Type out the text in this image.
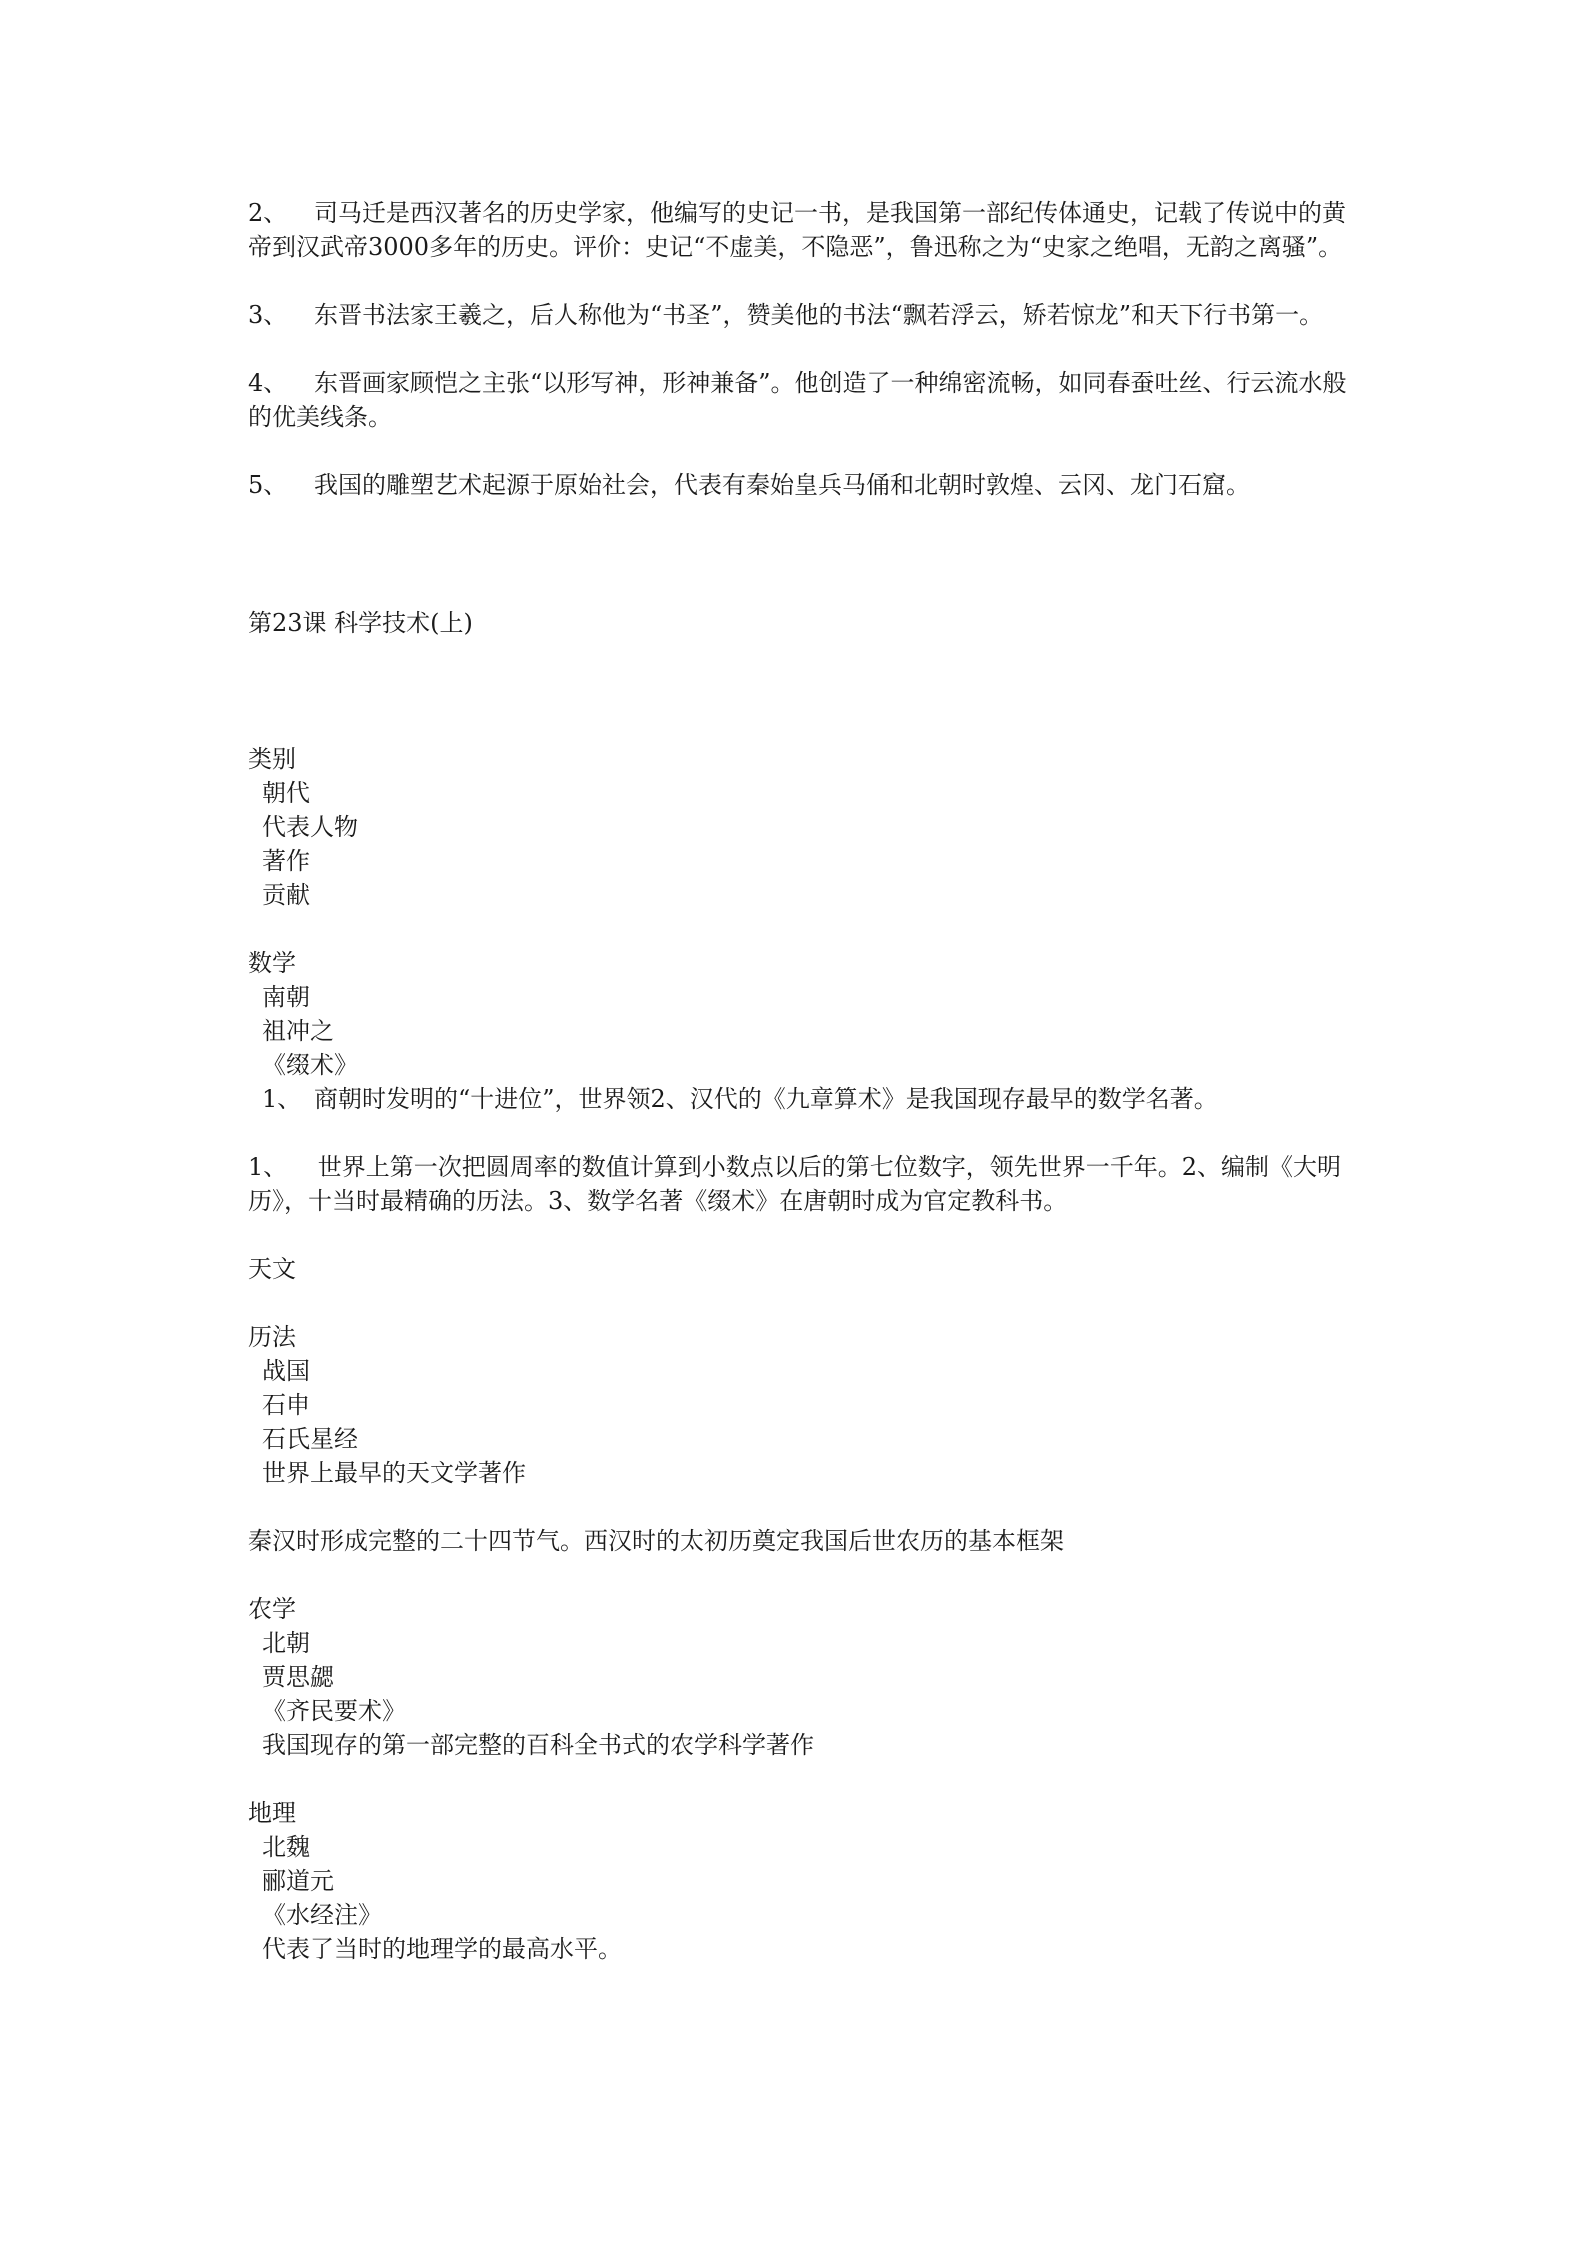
2、 司马迁是西汉著名的历史学家，他编写的史记一书，是我国第一部纪传体通史，记载了传说中的黄帝到汉武帝3000多年的历史。评价：史记“不虚美，不隐恶”，鲁迅称之为“史家之绝唱，无韵之离骚”。

3、 东晋书法家王羲之，后人称他为“书圣”，赞美他的书法“飘若浮云，矫若惊龙”和天下行书第一。

4、 东晋画家顾恺之主张“以形写神，形神兼备”。他创造了一种绵密流畅，如同春蚕吐丝、行云流水般的优美线条。

5、 我国的雕塑艺术起源于原始社会，代表有秦始皇兵马俑和北朝时敦煌、云冈、龙门石窟。

第23课 科学技术(上)
类别
朝代
代表人物
著作
贡献
数学
南朝
祖冲之
《缀术》
1、 商朝时发明的“十进位”，世界领2、汉代的《九章算术》是我国现存最早的数学名著。
1、    世界上第一次把圆周率的数值计算到小数点以后的第七位数字，领先世界一千年。2、编制《大明历》，十当时最精确的历法。3、数学名著《缀术》在唐朝时成为官定教科书。
天文
历法
战国
石申
石氏星经
世界上最早的天文学著作
秦汉时形成完整的二十四节气。西汉时的太初历奠定我国后世农历的基本框架
农学
北朝
贾思勰
《齐民要术》
我国现存的第一部完整的百科全书式的农学科学著作
地理
北魏
郦道元
《水经注》
代表了当时的地理学的最高水平。
